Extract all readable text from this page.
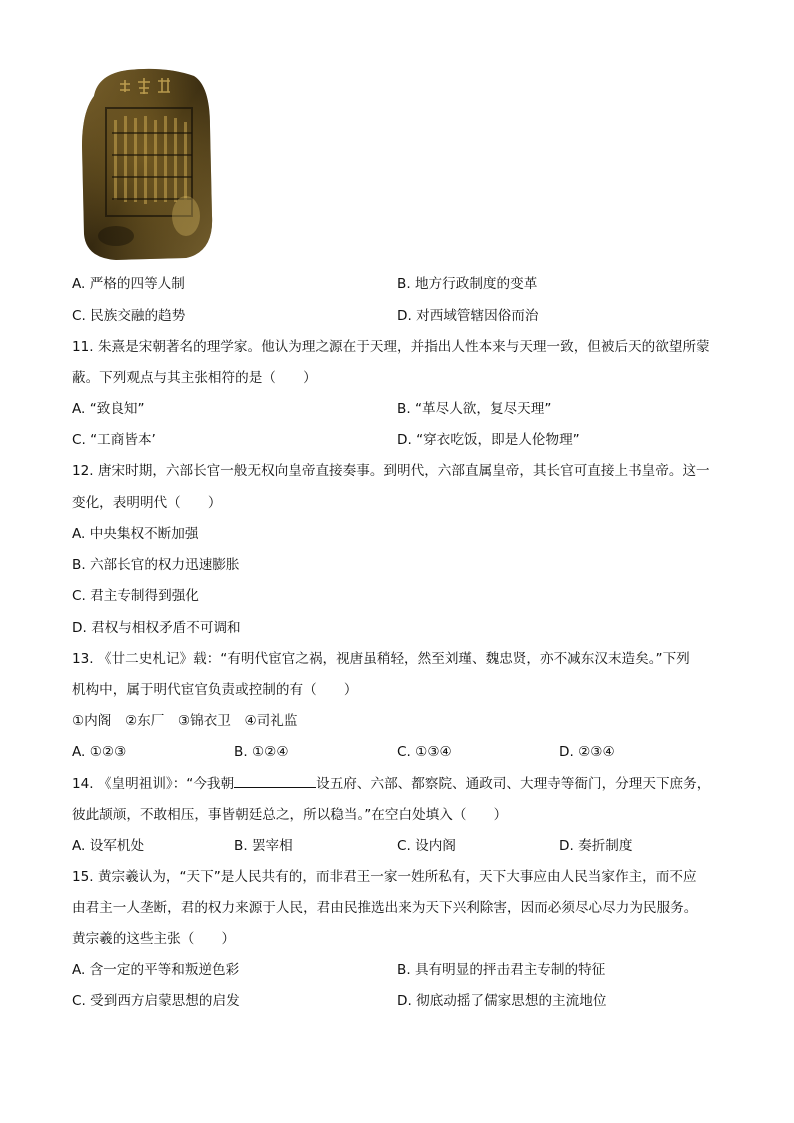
A. 严格的四等人制	B. 地方行政制度的变革
C. 民族交融的趋势	D. 对西域管辖因俗而治
11. 朱熹是宋朝著名的理学家。他认为理之源在于天理，并指出人性本来与天理一致，但被后天的欲望所蒙
蔽。下列观点与其主张相符的是（　　）
A. “致良知”	B. “革尽人欲，复尽天理”
C. “工商皆本’	D. “穿衣吃饭，即是人伦物理”
12. 唐宋时期，六部长官一般无权向皇帝直接奏事。到明代，六部直属皇帝，其长官可直接上书皇帝。这一
变化，表明明代（　　）
A. 中央集权不断加强
B. 六部长官的权力迅速膨胀
C. 君主专制得到强化
D. 君权与相权矛盾不可调和
13. 《廿二史札记》载：“有明代宦官之祸，视唐虽稍轻，然至刘瑾、魏忠贤，亦不减东汉末造矣。”下列
机构中，属于明代宦官负责或控制的有（　　）
①内阁　②东厂　③锦衣卫　④司礼监
A. ①②③	B. ①②④	C. ①③④	D. ②③④
14. 《皇明祖训》：“今我朝	设五府、六部、都察院、通政司、大理寺等衙门，分理天下庶务，
彼此颉颃，不敢相压，事皆朝廷总之，所以稳当。”在空白处填入（　　）
A. 设军机处	B. 罢宰相	C. 设内阁	D. 奏折制度
15. 黄宗羲认为，“天下”是人民共有的，而非君王一家一姓所私有，天下大事应由人民当家作主，而不应
由君主一人垄断，君的权力来源于人民，君由民推选出来为天下兴利除害，因而必须尽心尽力为民服务。
黄宗羲的这些主张（　　）
A. 含一定的平等和叛逆色彩	B. 具有明显的抨击君主专制的特征
C. 受到西方启蒙思想的启发	D. 彻底动摇了儒家思想的主流地位
